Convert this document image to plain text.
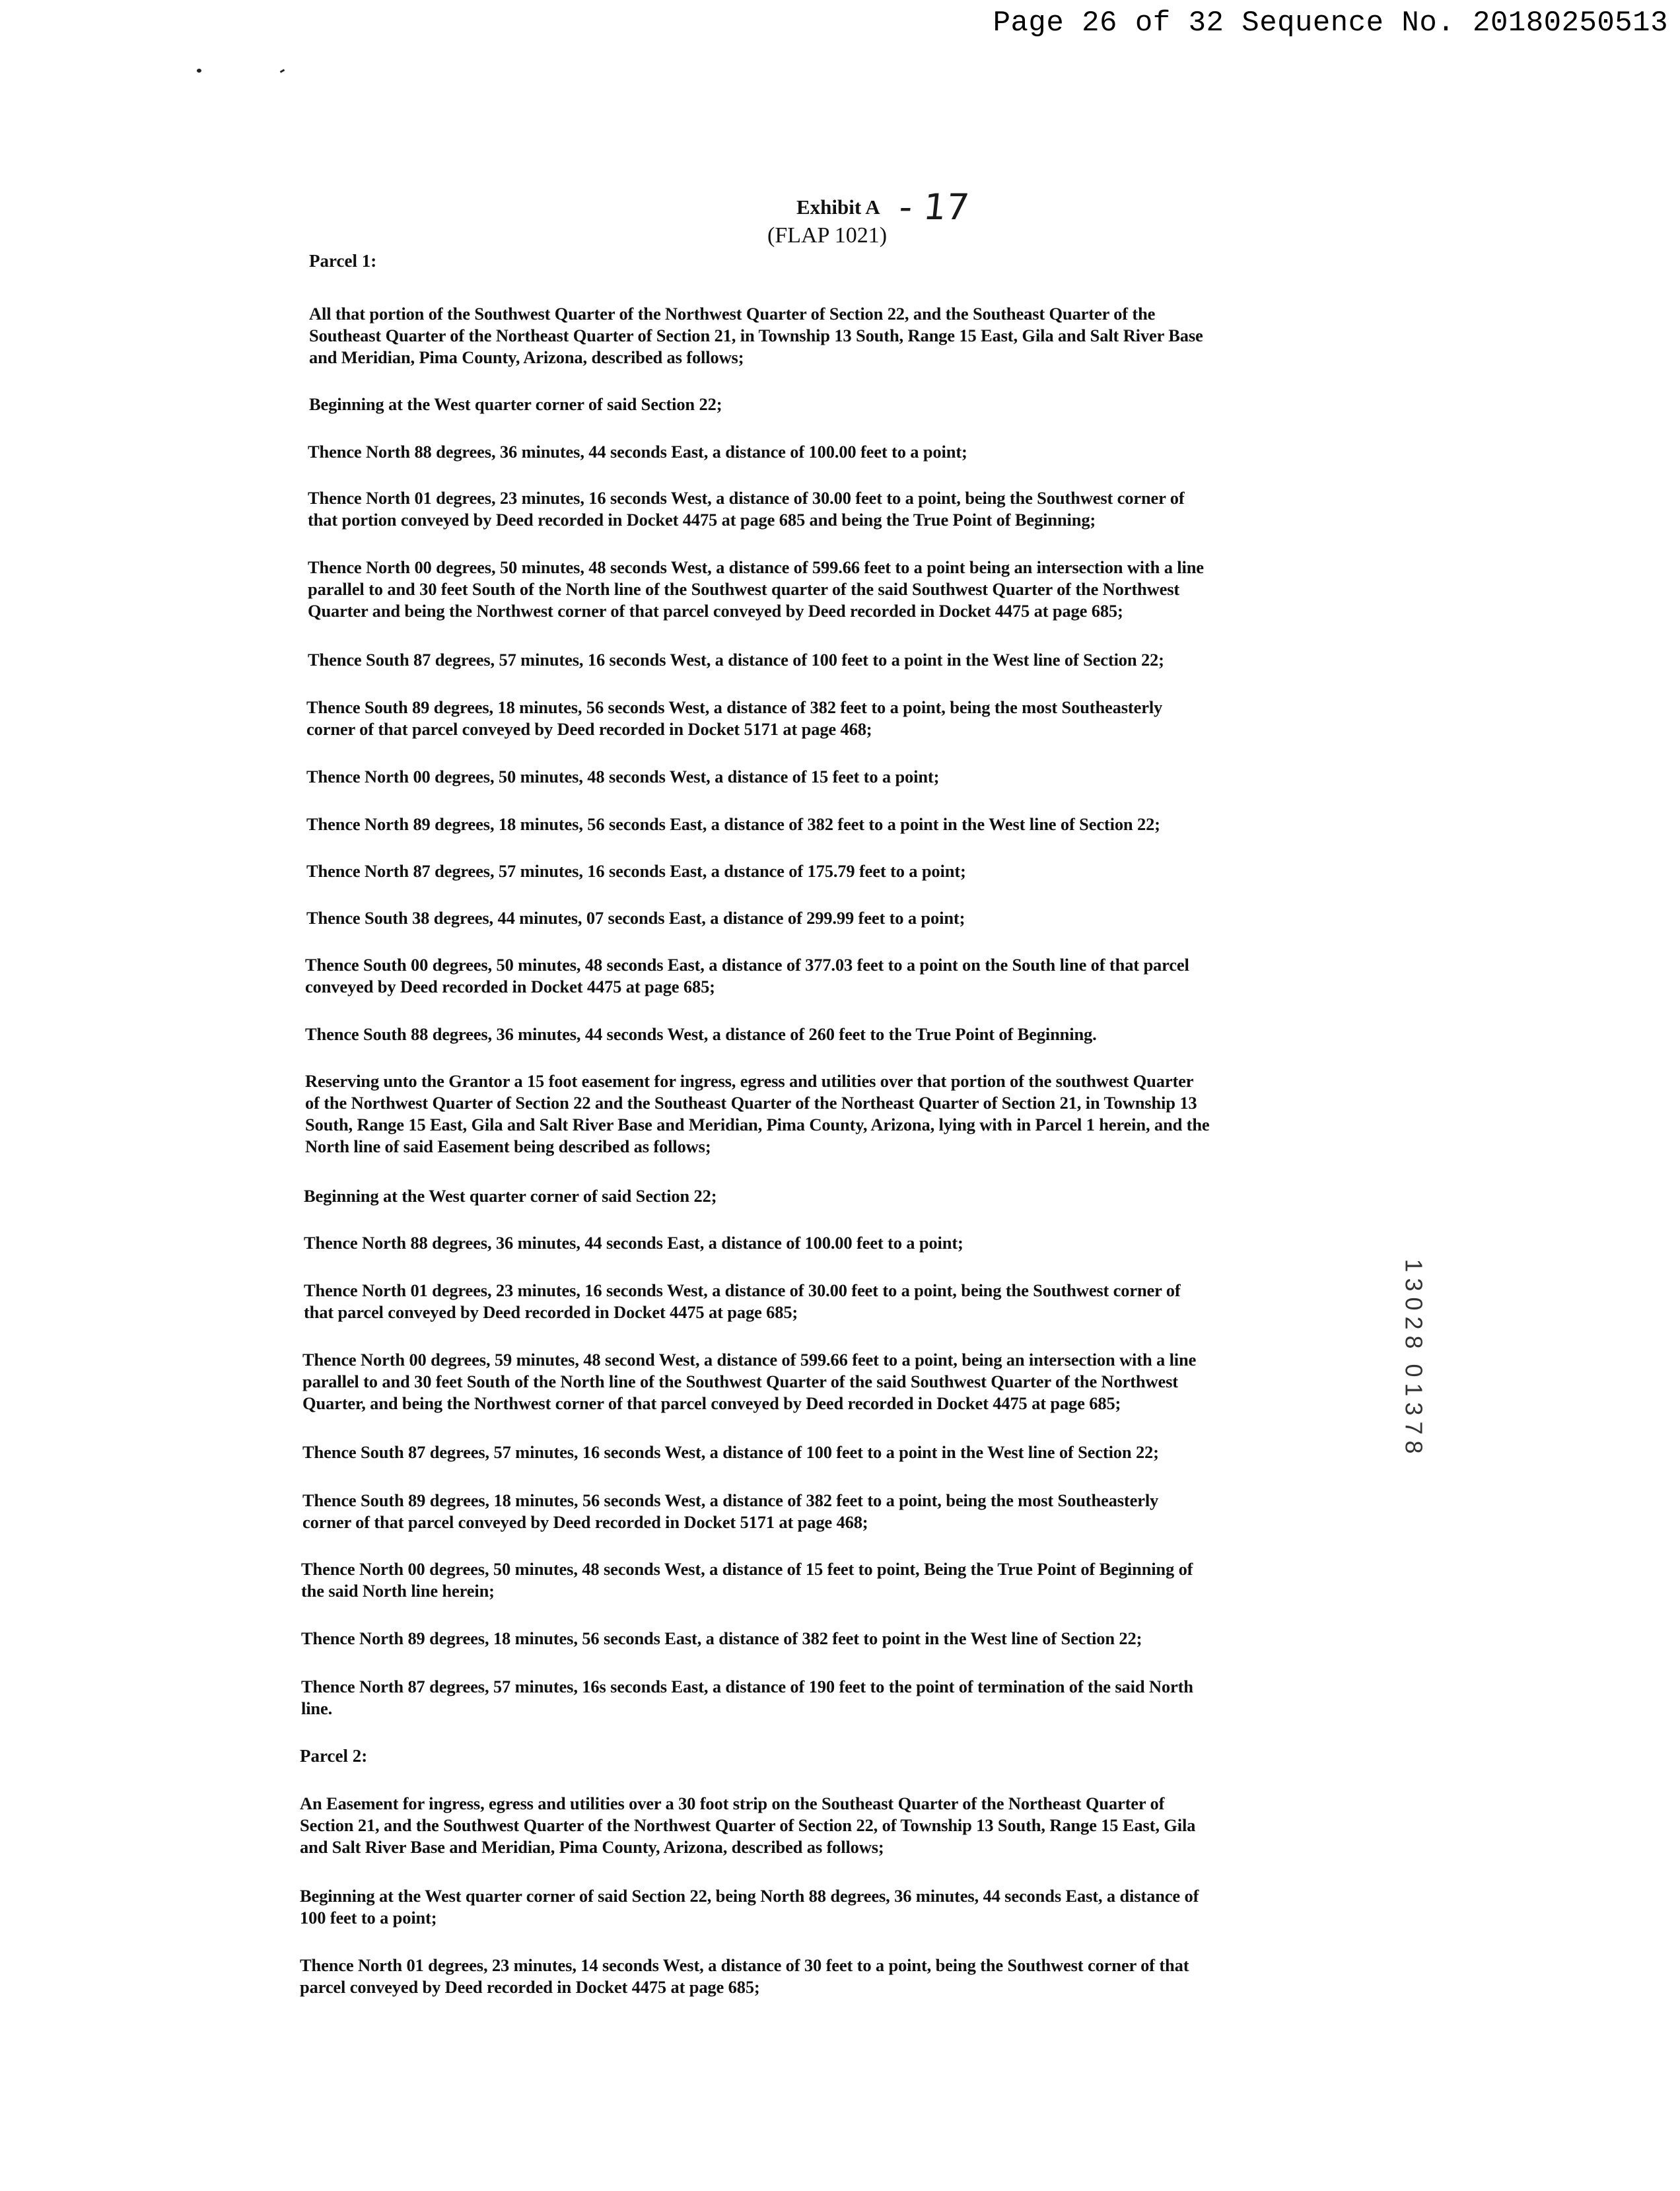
Page 26 of 32 Sequence No. 20180250513
Exhibit A - 17
(FLAP 1021)
Parcel 1:
All that portion of the Southwest Quarter of the Northwest Quarter of Section 22, and the Southeast Quarter of the
Southeast Quarter of the Northeast Quarter of Section 21, in Township 13 South, Range 15 East, Gila and Salt River Base
and Meridian, Pima County, Arizona, described as follows;
Beginning at the West quarter corner of said Section 22;
Thence North 88 degrees, 36 minutes, 44 seconds East, a distance of 100.00 feet to a point;
Thence North 01 degrees, 23 minutes, 16 seconds West, a distance of 30.00 feet to a point, being the Southwest corner of
that portion conveyed by Deed recorded in Docket 4475 at page 685 and being the True Point of Beginning;
Thence North 00 degrees, 50 minutes, 48 seconds West, a distance of 599.66 feet to a point being an intersection with a line
parallel to and 30 feet South of the North line of the Southwest quarter of the said Southwest Quarter of the Northwest
Quarter and being the Northwest corner of that parcel conveyed by Deed recorded in Docket 4475 at page 685;
Thence South 87 degrees, 57 minutes, 16 seconds West, a distance of 100 feet to a point in the West line of Section 22;
Thence South 89 degrees, 18 minutes, 56 seconds West, a distance of 382 feet to a point, being the most Southeasterly
corner of that parcel conveyed by Deed recorded in Docket 5171 at page 468;
Thence North 00 degrees, 50 minutes, 48 seconds West, a distance of 15 feet to a point;
Thence North 89 degrees, 18 minutes, 56 seconds East, a distance of 382 feet to a point in the West line of Section 22;
Thence North 87 degrees, 57 minutes, 16 seconds East, a dıstance of 175.79 feet to a point;
Thence South 38 degrees, 44 minutes, 07 seconds East, a distance of 299.99 feet to a point;
Thence South 00 degrees, 50 minutes, 48 seconds East, a distance of 377.03 feet to a point on the South line of that parcel
conveyed by Deed recorded in Docket 4475 at page 685;
Thence South 88 degrees, 36 minutes, 44 seconds West, a distance of 260 feet to the True Point of Beginning.
Reserving unto the Grantor a 15 foot easement for ingress, egress and utilities over that portion of the southwest Quarter
of the Northwest Quarter of Section 22 and the Southeast Quarter of the Northeast Quarter of Section 21, in Township 13
South, Range 15 East, Gila and Salt River Base and Meridian, Pima County, Arizona, lying with in Parcel 1 herein, and the
North line of said Easement being described as follows;
Beginning at the West quarter corner of said Section 22;
Thence North 88 degrees, 36 minutes, 44 seconds East, a distance of 100.00 feet to a point;
Thence North 01 degrees, 23 minutes, 16 seconds West, a distance of 30.00 feet to a point, being the Southwest corner of
that parcel conveyed by Deed recorded in Docket 4475 at page 685;
Thence North 00 degrees, 59 minutes, 48 second West, a distance of 599.66 feet to a point, being an intersection with a line
parallel to and 30 feet South of the North line of the Southwest Quarter of the said Southwest Quarter of the Northwest
Quarter, and being the Northwest corner of that parcel conveyed by Deed recorded in Docket 4475 at page 685;
Thence South 87 degrees, 57 minutes, 16 seconds West, a distance of 100 feet to a point in the West line of Section 22;
Thence South 89 degrees, 18 minutes, 56 seconds West, a distance of 382 feet to a point, being the most Southeasterly
corner of that parcel conveyed by Deed recorded in Docket 5171 at page 468;
Thence North 00 degrees, 50 minutes, 48 seconds West, a distance of 15 feet to point, Being the True Point of Beginning of
the said North line herein;
Thence North 89 degrees, 18 minutes, 56 seconds East, a distance of 382 feet to point in the West line of Section 22;
Thence North 87 degrees, 57 minutes, 16s seconds East, a distance of 190 feet to the point of termination of the said North
line.
Parcel 2:
An Easement for ingress, egress and utilities over a 30 foot strip on the Southeast Quarter of the Northeast Quarter of
Section 21, and the Southwest Quarter of the Northwest Quarter of Section 22, of Township 13 South, Range 15 East, Gila
and Salt River Base and Meridian, Pima County, Arizona, described as follows;
Beginning at the West quarter corner of said Section 22, being North 88 degrees, 36 minutes, 44 seconds East, a distance of
100 feet to a point;
Thence North 01 degrees, 23 minutes, 14 seconds West, a distance of 30 feet to a point, being the Southwest corner of that
parcel conveyed by Deed recorded in Docket 4475 at page 685;
1
3
0
2
8

0
1
3
7
8
